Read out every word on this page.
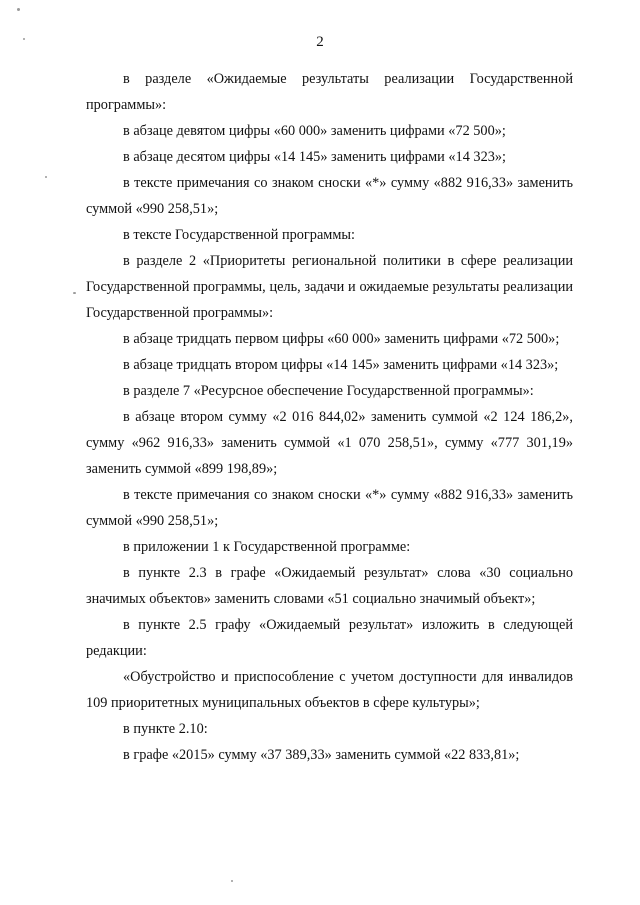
2

в разделе «Ожидаемые результаты реализации Государственной программы»:

в абзаце девятом цифры «60 000» заменить цифрами «72 500»;

в абзаце десятом цифры «14 145» заменить цифрами «14 323»;

в тексте примечания со знаком сноски «*» сумму «882 916,33» заменить суммой «990 258,51»;

в тексте Государственной программы:

в разделе 2 «Приоритеты региональной политики в сфере реализации Государственной программы, цель, задачи и ожидаемые результаты реализации Государственной программы»:

в абзаце тридцать первом цифры «60 000» заменить цифрами «72 500»;

в абзаце тридцать втором цифры «14 145» заменить цифрами «14 323»;

в разделе 7 «Ресурсное обеспечение Государственной программы»:

в абзаце втором сумму «2 016 844,02» заменить суммой «2 124 186,2», сумму «962 916,33» заменить суммой «1 070 258,51», сумму «777 301,19» заменить суммой «899 198,89»;

в тексте примечания со знаком сноски «*» сумму «882 916,33» заменить суммой «990 258,51»;

в приложении 1 к Государственной программе:

в пункте 2.3 в графе «Ожидаемый результат» слова «30 социально значимых объектов» заменить словами «51 социально значимый объект»;

в пункте 2.5 графу «Ожидаемый результат» изложить в следующей редакции:

«Обустройство и приспособление с учетом доступности для инвалидов 109 приоритетных муниципальных объектов в сфере культуры»;

в пункте 2.10:

в графе «2015» сумму «37 389,33» заменить суммой «22 833,81»;
